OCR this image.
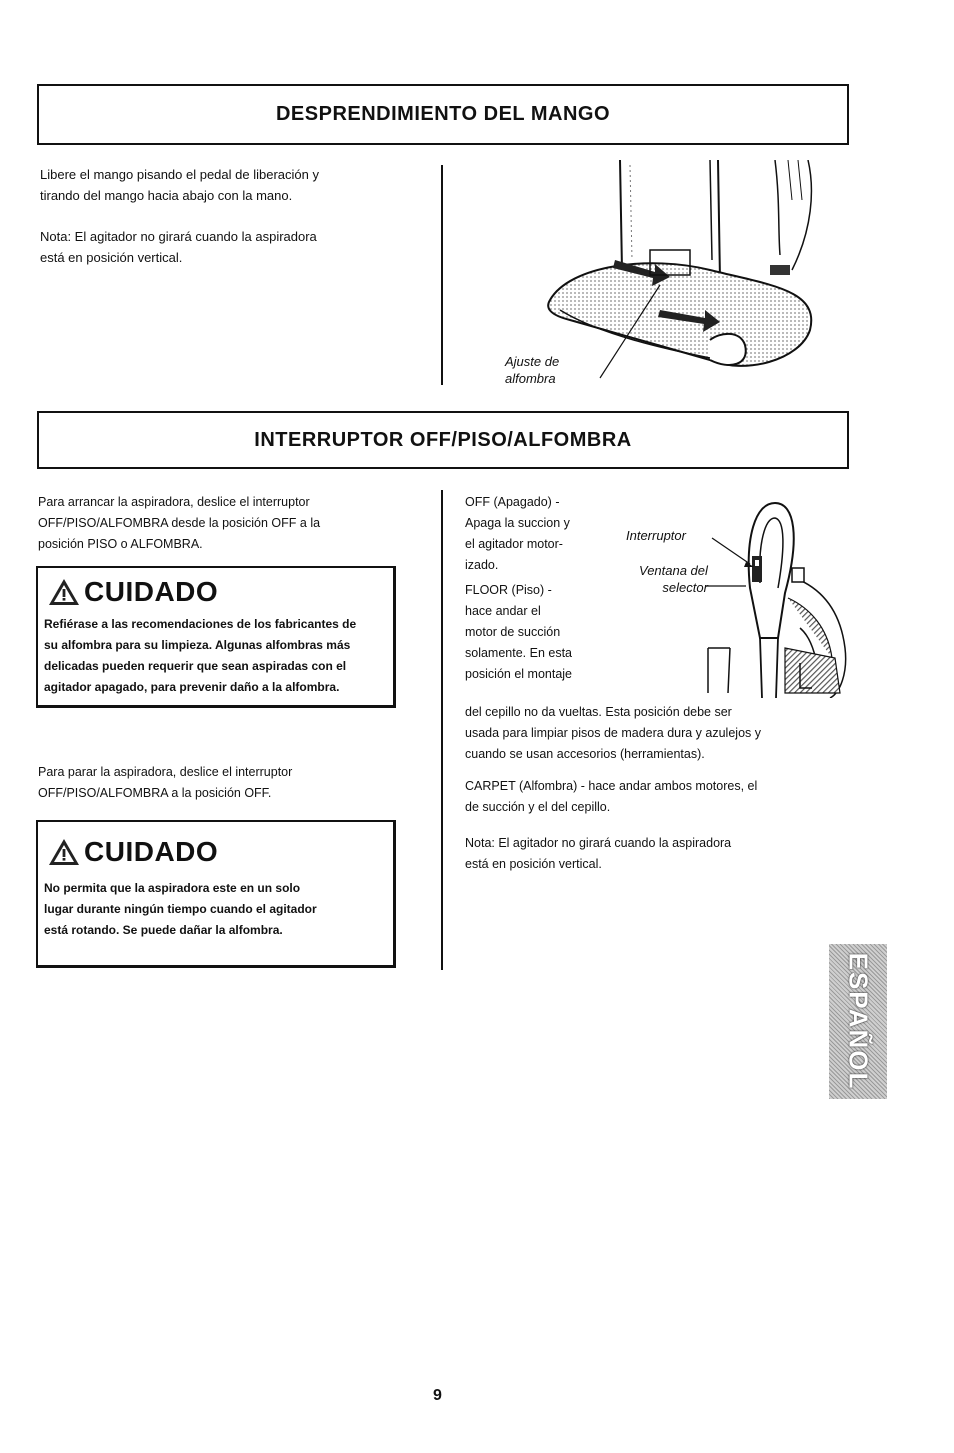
DESPRENDIMIENTO DEL MANGO

Libere el mango pisando el pedal de liberación y

tirando del mango hacia abajo con la mano.

Nota: El agitador no girará cuando la aspiradora

está en posición vertical.

Ajuste de
alfombra
INTERRUPTOR OFF/PISO/ALFOMBRA

Para arrancar la aspiradora, deslice el interruptor

OFF/PISO/ALFOMBRA desde la posición OFF a la

posición PISO o ALFOMBRA.

CUIDADO

Refiérase a las recomendaciones de los fabricantes de

su alfombra para su limpieza. Algunas alfombras más

delicadas pueden requerir que sean aspiradas con el

agitador apagado, para prevenir daño a la alfombra.

Para parar la aspiradora, deslice el interruptor

OFF/PISO/ALFOMBRA a la posición OFF.

CUIDADO

No permita que la aspiradora este en un solo

lugar durante ningún tiempo cuando el agitador

está rotando. Se puede dañar la alfombra.

OFF (Apagado) -

Apaga la succion y

el agitador motor-

izado.

FLOOR (Piso) -

hace andar el

motor de succión

solamente. En esta

posición el montaje

Interruptor
Ventana del
selector

del cepillo no da vueltas. Esta posición debe ser

usada para limpiar pisos de madera dura y azulejos y

cuando se usan accesorios (herramientas).

CARPET (Alfombra) - hace andar ambos motores, el

de succión y el del cepillo.

Nota: El agitador no girará cuando la aspiradora

está en posición vertical.

ESPAÑOL
9
